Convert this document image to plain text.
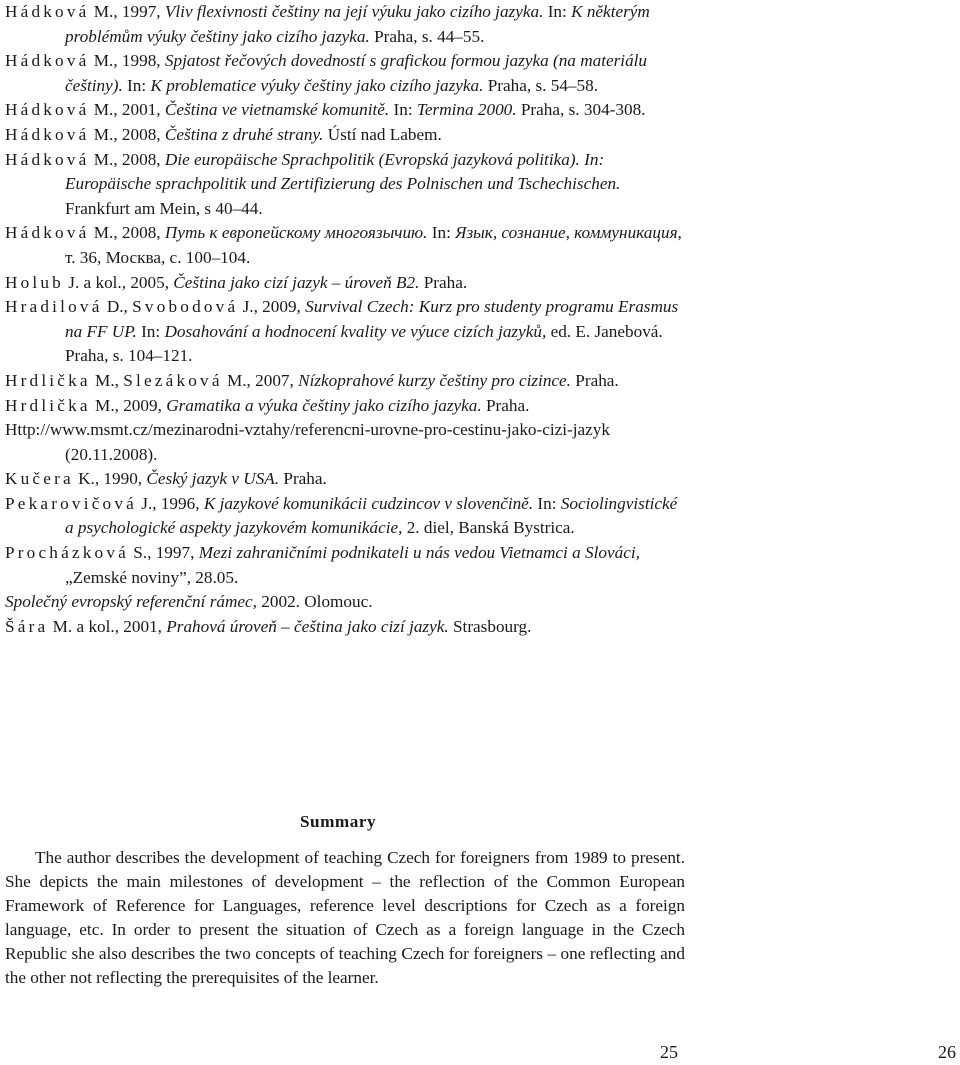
Hádková M., 1997, Vliv flexivnosti češtiny na její výuku jako cizího jazyka. In: K některým problémům výuky češtiny jako cizího jazyka. Praha, s. 44–55.
Hádková M., 1998, Spjatost řečových dovedností s grafickou formou jazyka (na materiálu češtiny). In: K problematice výuky češtiny jako cizího jazyka. Praha, s. 54–58.
Hádková M., 2001, Čeština ve vietnamské komunitě. In: Termina 2000. Praha, s. 304-308.
Hádková M., 2008, Čeština z druhé strany. Ústí nad Labem.
Hádková M., 2008, Die europäische Sprachpolitik (Evropská jazyková politika). In: Europäische sprachpolitik und Zertifizierung des Polnischen und Tschechischen. Frankfurt am Mein, s 40–44.
Hádková M., 2008, Путь к европейскому многоязычию. In: Язык, сознание, коммуникация, т. 36, Москва, с. 100–104.
Holub J. a kol., 2005, Čeština jako cizí jazyk – úroveň B2. Praha.
Hradilová D., Svobodová J., 2009, Survival Czech: Kurz pro studenty programu Erasmus na FF UP. In: Dosahování a hodnocení kvality ve výuce cizích jazyků, ed. E. Janebová. Praha, s. 104–121.
Hrdlička M., Slezáková M., 2007, Nízkoprahové kurzy češtiny pro cizince. Praha.
Hrdlička M., 2009, Gramatika a výuka češtiny jako cizího jazyka. Praha.
Http://www.msmt.cz/mezinarodni-vztahy/referencni-urovne-pro-cestinu-jako-cizi-jazyk (20.11.2008).
Kučera K., 1990, Český jazyk v USA. Praha.
Pekarovičová J., 1996, K jazykové komunikácii cudzincov v slovenčině. In: Sociolingvistické a psychologické aspekty jazykovém komunikácie, 2. diel, Banská Bystrica.
Procházková S., 1997, Mezi zahraničními podnikateli u nás vedou Vietnamci a Slováci, „Zemské noviny”, 28.05.
Společný evropský referenční rámec, 2002. Olomouc.
Šára M. a kol., 2001, Prahová úroveň – čeština jako cizí jazyk. Strasbourg.
Summary

The author describes the development of teaching Czech for foreigners from 1989 to present. She depicts the main milestones of development – the reflection of the Common European Framework of Reference for Languages, reference level descriptions for Czech as a foreign language, etc. In order to present the situation of Czech as a foreign language in the Czech Republic she also describes the two concepts of teaching Czech for foreigners – one reflecting and the other not reflecting the prerequisites of the learner.

25	26
